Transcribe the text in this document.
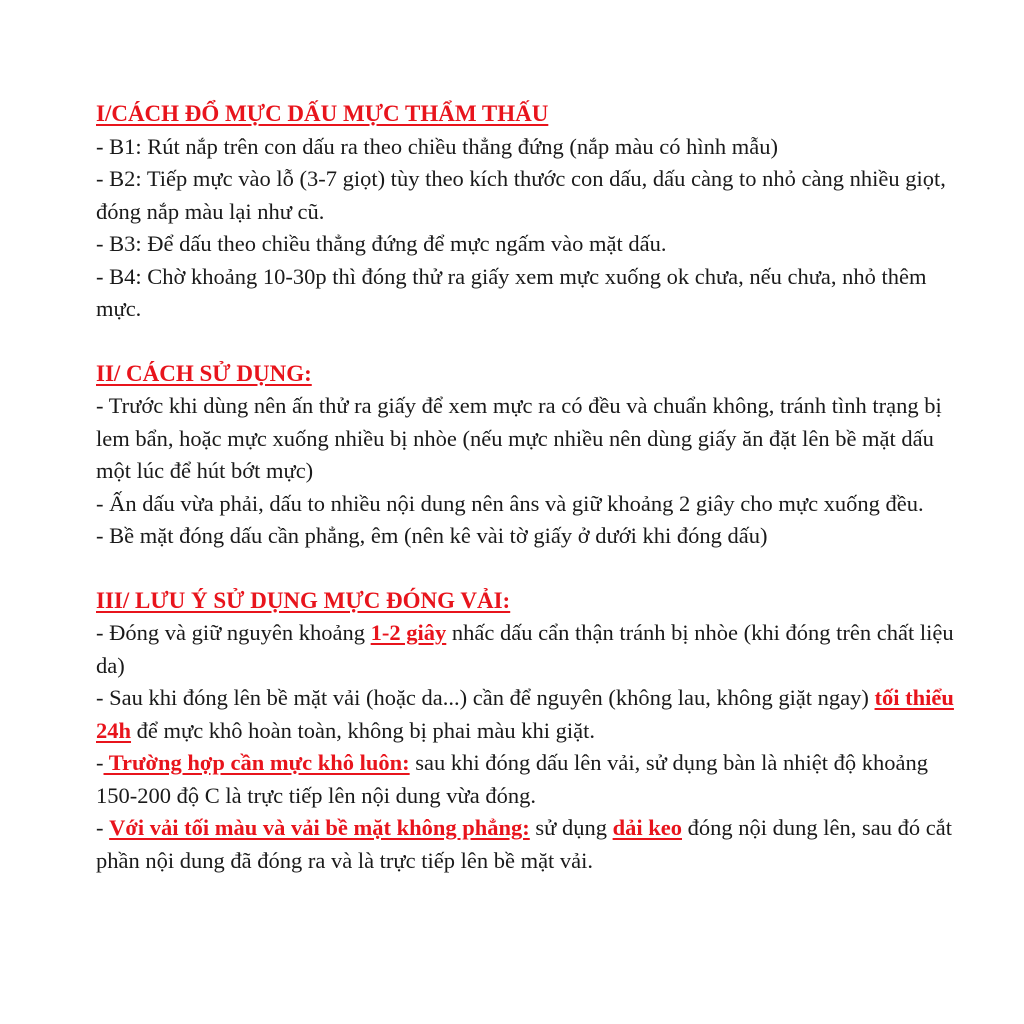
I/CÁCH ĐỔ MỰC DẤU MỰC THẨM THẤU

- B1: Rút nắp trên con dấu ra theo chiều thẳng đứng (nắp màu có hình mẫu)

- B2: Tiếp mực vào lỗ (3-7 giọt) tùy theo kích thước con dấu, dấu càng to nhỏ càng nhiều giọt, đóng nắp màu lại như cũ.

- B3: Để dấu theo chiều thẳng đứng để mực ngấm vào mặt dấu.

- B4: Chờ khoảng 10-30p thì đóng thử ra giấy xem mực xuống ok chưa, nếu chưa, nhỏ thêm mực.

II/ CÁCH SỬ DỤNG:

- Trước khi dùng nên ấn thử ra giấy để xem mực ra có đều và chuẩn không, tránh tình trạng bị lem bẩn, hoặc mực xuống nhiều bị nhòe (nếu mực nhiều nên dùng giấy ăn đặt lên bề mặt dấu một lúc để hút bớt mực)

- Ấn dấu vừa phải, dấu to nhiều nội dung nên âns và giữ khoảng 2 giây cho mực xuống đều.

- Bề mặt đóng dấu cần phẳng, êm (nên kê vài tờ giấy ở dưới khi đóng dấu)

III/ LƯU Ý SỬ DỤNG MỰC ĐÓNG VẢI:

- Đóng và giữ nguyên khoảng 1-2 giây nhấc dấu cẩn thận tránh bị nhòe (khi đóng trên chất liệu da)

- Sau khi đóng lên bề mặt vải (hoặc da...) cần để nguyên (không lau, không giặt ngay) tối thiểu 24h để mực khô hoàn toàn, không bị phai màu khi giặt.

- Trường hợp cần mực khô luôn: sau khi đóng dấu lên vải, sử dụng bàn là nhiệt độ khoảng 150-200 độ C là trực tiếp lên nội dung vừa đóng.

- Với vải tối màu và vải bề mặt không phẳng: sử dụng dải keo đóng nội dung lên, sau đó cắt phần nội dung đã đóng ra và là trực tiếp lên bề mặt vải.
